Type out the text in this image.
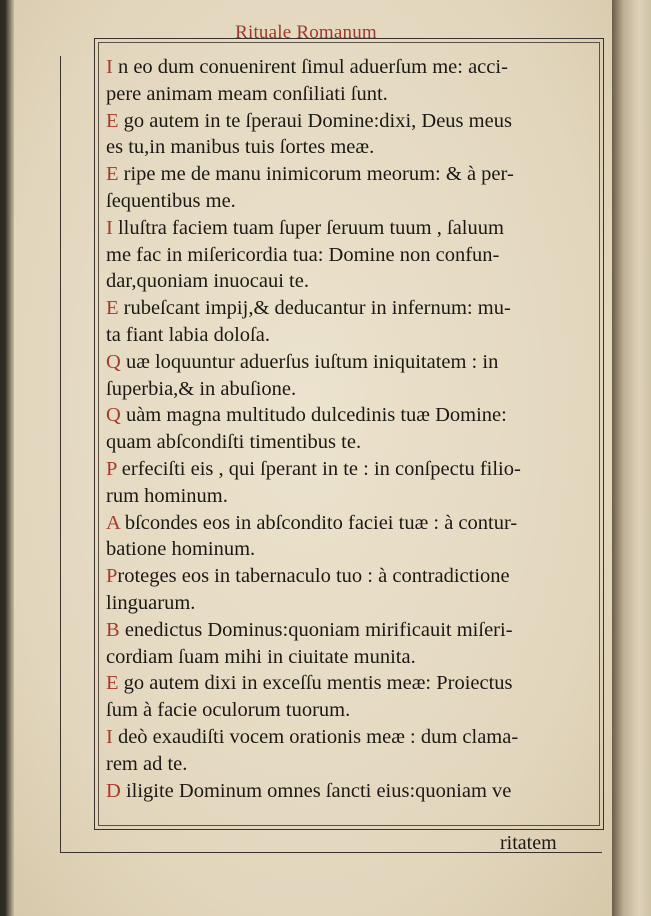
Rituale Romanum
I n eo dum conuenirent ſimul aduerſum me: acci-
pere animam meam conſiliati ſunt.
E go autem in te ſperaui Domine:dixi, Deus meus
es tu,in manibus tuis ſortes meæ.
E ripe me de manu inimicorum meorum: & à per-
ſequentibus me.
I lluſtra faciem tuam ſuper ſeruum tuum , ſaluum
me fac in miſericordia tua: Domine non confun-
dar,quoniam inuocaui te.
E rubeſcant impij,& deducantur in infernum: mu-
ta fiant labia doloſa.
Q uæ loquuntur aduerſus iuſtum iniquitatem : in
ſuperbia,& in abuſione.
Q uàm magna multitudo dulcedinis tuæ Domine:
quam abſcondiſti timentibus te.
P erfeciſti eis , qui ſperant in te : in conſpectu filio-
rum hominum.
A bſcondes eos in abſcondito faciei tuæ : à contur-
batione hominum.
Proteges eos in tabernaculo tuo : à contradictione
linguarum.
B enedictus Dominus:quoniam mirificauit miſeri-
cordiam ſuam mihi in ciuitate munita.
E go autem dixi in exceſſu mentis meæ: Proiectus
ſum à facie oculorum tuorum.
I deò exaudiſti vocem orationis meæ : dum clama-
rem ad te.
D iligite Dominum omnes ſancti eius:quoniam ve
ritatem
